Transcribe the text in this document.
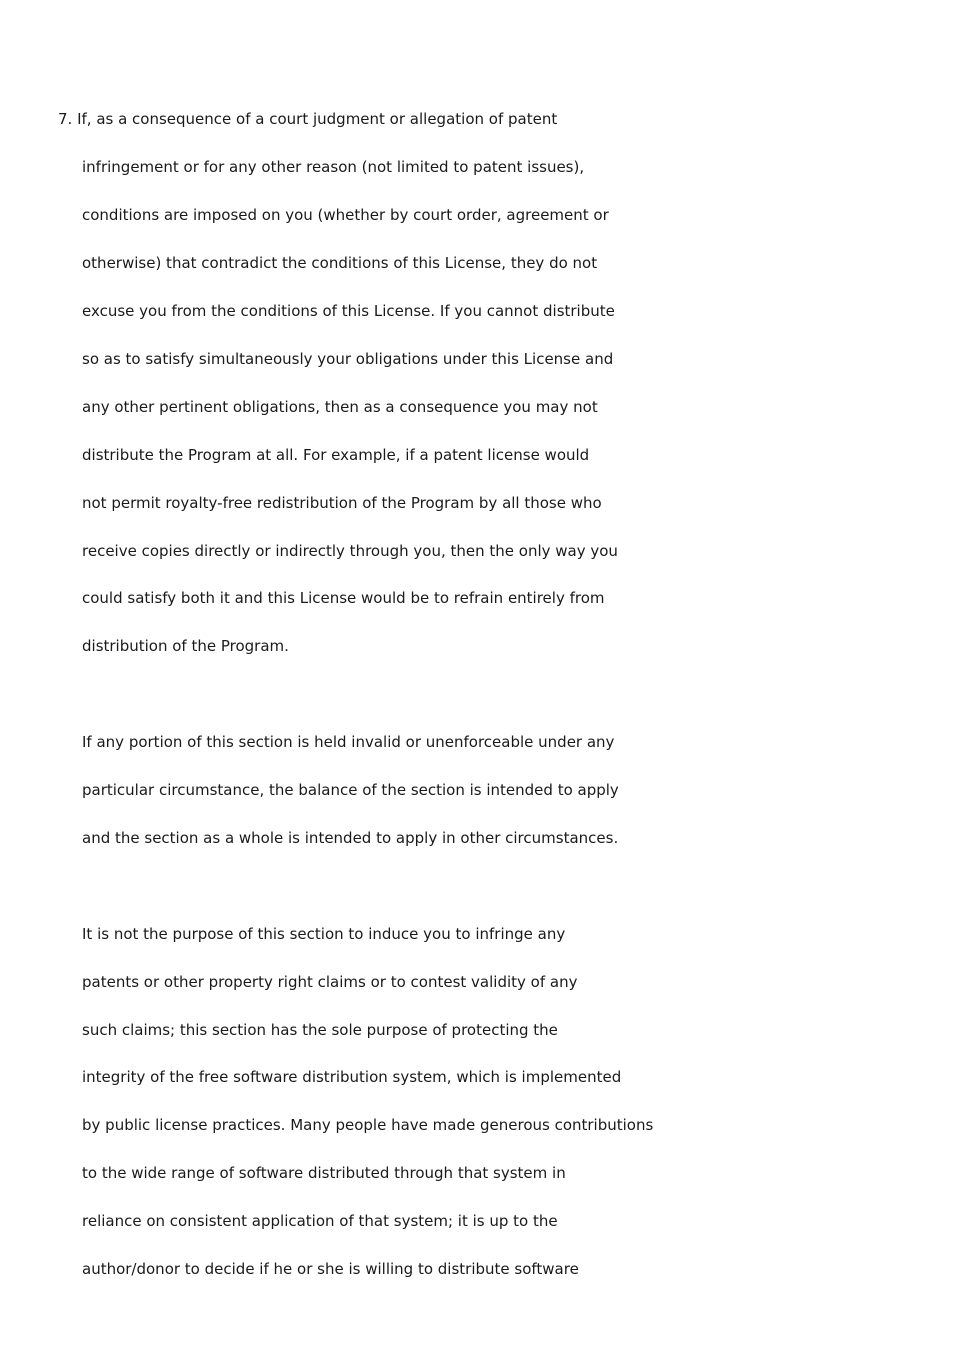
7. If, as a consequence of a court judgment or allegation of patent
infringement or for any other reason (not limited to patent issues),
conditions are imposed on you (whether by court order, agreement or
otherwise) that contradict the conditions of this License, they do not
excuse you from the conditions of this License. If you cannot distribute
so as to satisfy simultaneously your obligations under this License and
any other pertinent obligations, then as a consequence you may not
distribute the Program at all. For example, if a patent license would
not permit royalty-free redistribution of the Program by all those who
receive copies directly or indirectly through you, then the only way you
could satisfy both it and this License would be to refrain entirely from
distribution of the Program.
If any portion of this section is held invalid or unenforceable under any
particular circumstance, the balance of the section is intended to apply
and the section as a whole is intended to apply in other circumstances.
It is not the purpose of this section to induce you to infringe any
patents or other property right claims or to contest validity of any
such claims; this section has the sole purpose of protecting the
integrity of the free software distribution system, which is implemented
by public license practices. Many people have made generous contributions
to the wide range of software distributed through that system in
reliance on consistent application of that system; it is up to the
author/donor to decide if he or she is willing to distribute software
